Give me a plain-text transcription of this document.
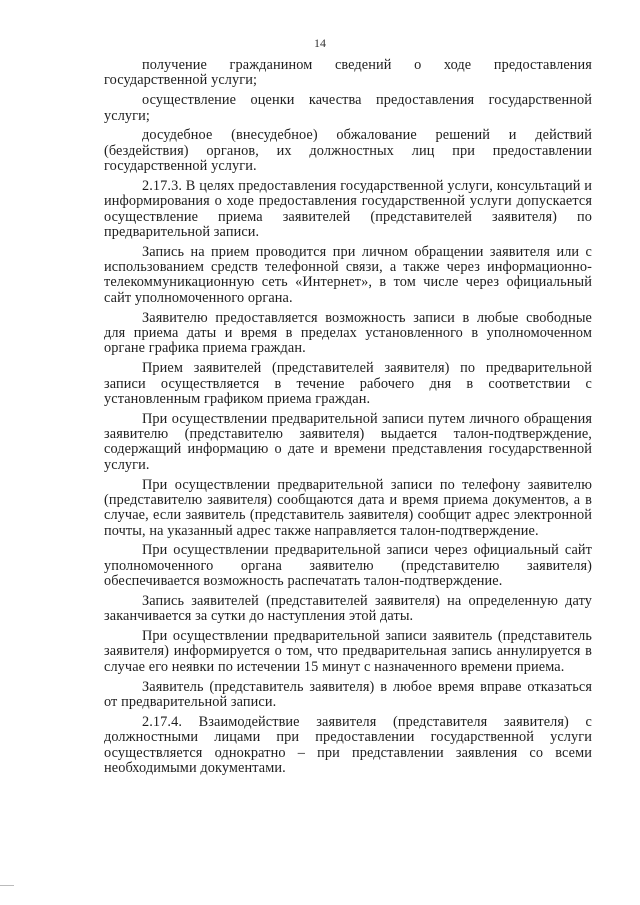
14

получение гражданином сведений о ходе предоставления государственной услуги;

осуществление оценки качества предоставления государственной услуги;

досудебное (внесудебное) обжалование решений и действий (бездействия) органов, их должностных лиц при предоставлении государственной услуги.

2.17.3. В целях предоставления государственной услуги, консультаций и информирования о ходе предоставления государственной услуги допускается осуществление приема заявителей (представителей заявителя) по предварительной записи.

Запись на прием проводится при личном обращении заявителя или с использованием средств телефонной связи, а также через информационно-телекоммуникационную сеть «Интернет», в том числе через официальный сайт уполномоченного органа.

Заявителю предоставляется возможность записи в любые свободные для приема даты и время в пределах установленного в уполномоченном органе графика приема граждан.

Прием заявителей (представителей заявителя) по предварительной записи осуществляется в течение рабочего дня в соответствии с установленным графиком приема граждан.

При осуществлении предварительной записи путем личного обращения заявителю (представителю заявителя) выдается талон-подтверждение, содержащий информацию о дате и времени представления государственной услуги.

При осуществлении предварительной записи по телефону заявителю (представителю заявителя) сообщаются дата и время приема документов, а в случае, если заявитель (представитель заявителя) сообщит адрес электронной почты, на указанный адрес также направляется талон-подтверждение.

При осуществлении предварительной записи через официальный сайт уполномоченного органа заявителю (представителю заявителя) обеспечивается возможность распечатать талон-подтверждение.

Запись заявителей (представителей заявителя) на определенную дату заканчивается за сутки до наступления этой даты.

При осуществлении предварительной записи заявитель (представитель заявителя) информируется о том, что предварительная запись аннулируется в случае его неявки по истечении 15 минут с назначенного времени приема.

Заявитель (представитель заявителя) в любое время вправе отказаться от предварительной записи.

2.17.4. Взаимодействие заявителя (представителя заявителя) с должностными лицами при предоставлении государственной услуги осуществляется однократно – при представлении заявления со всеми необходимыми документами.
